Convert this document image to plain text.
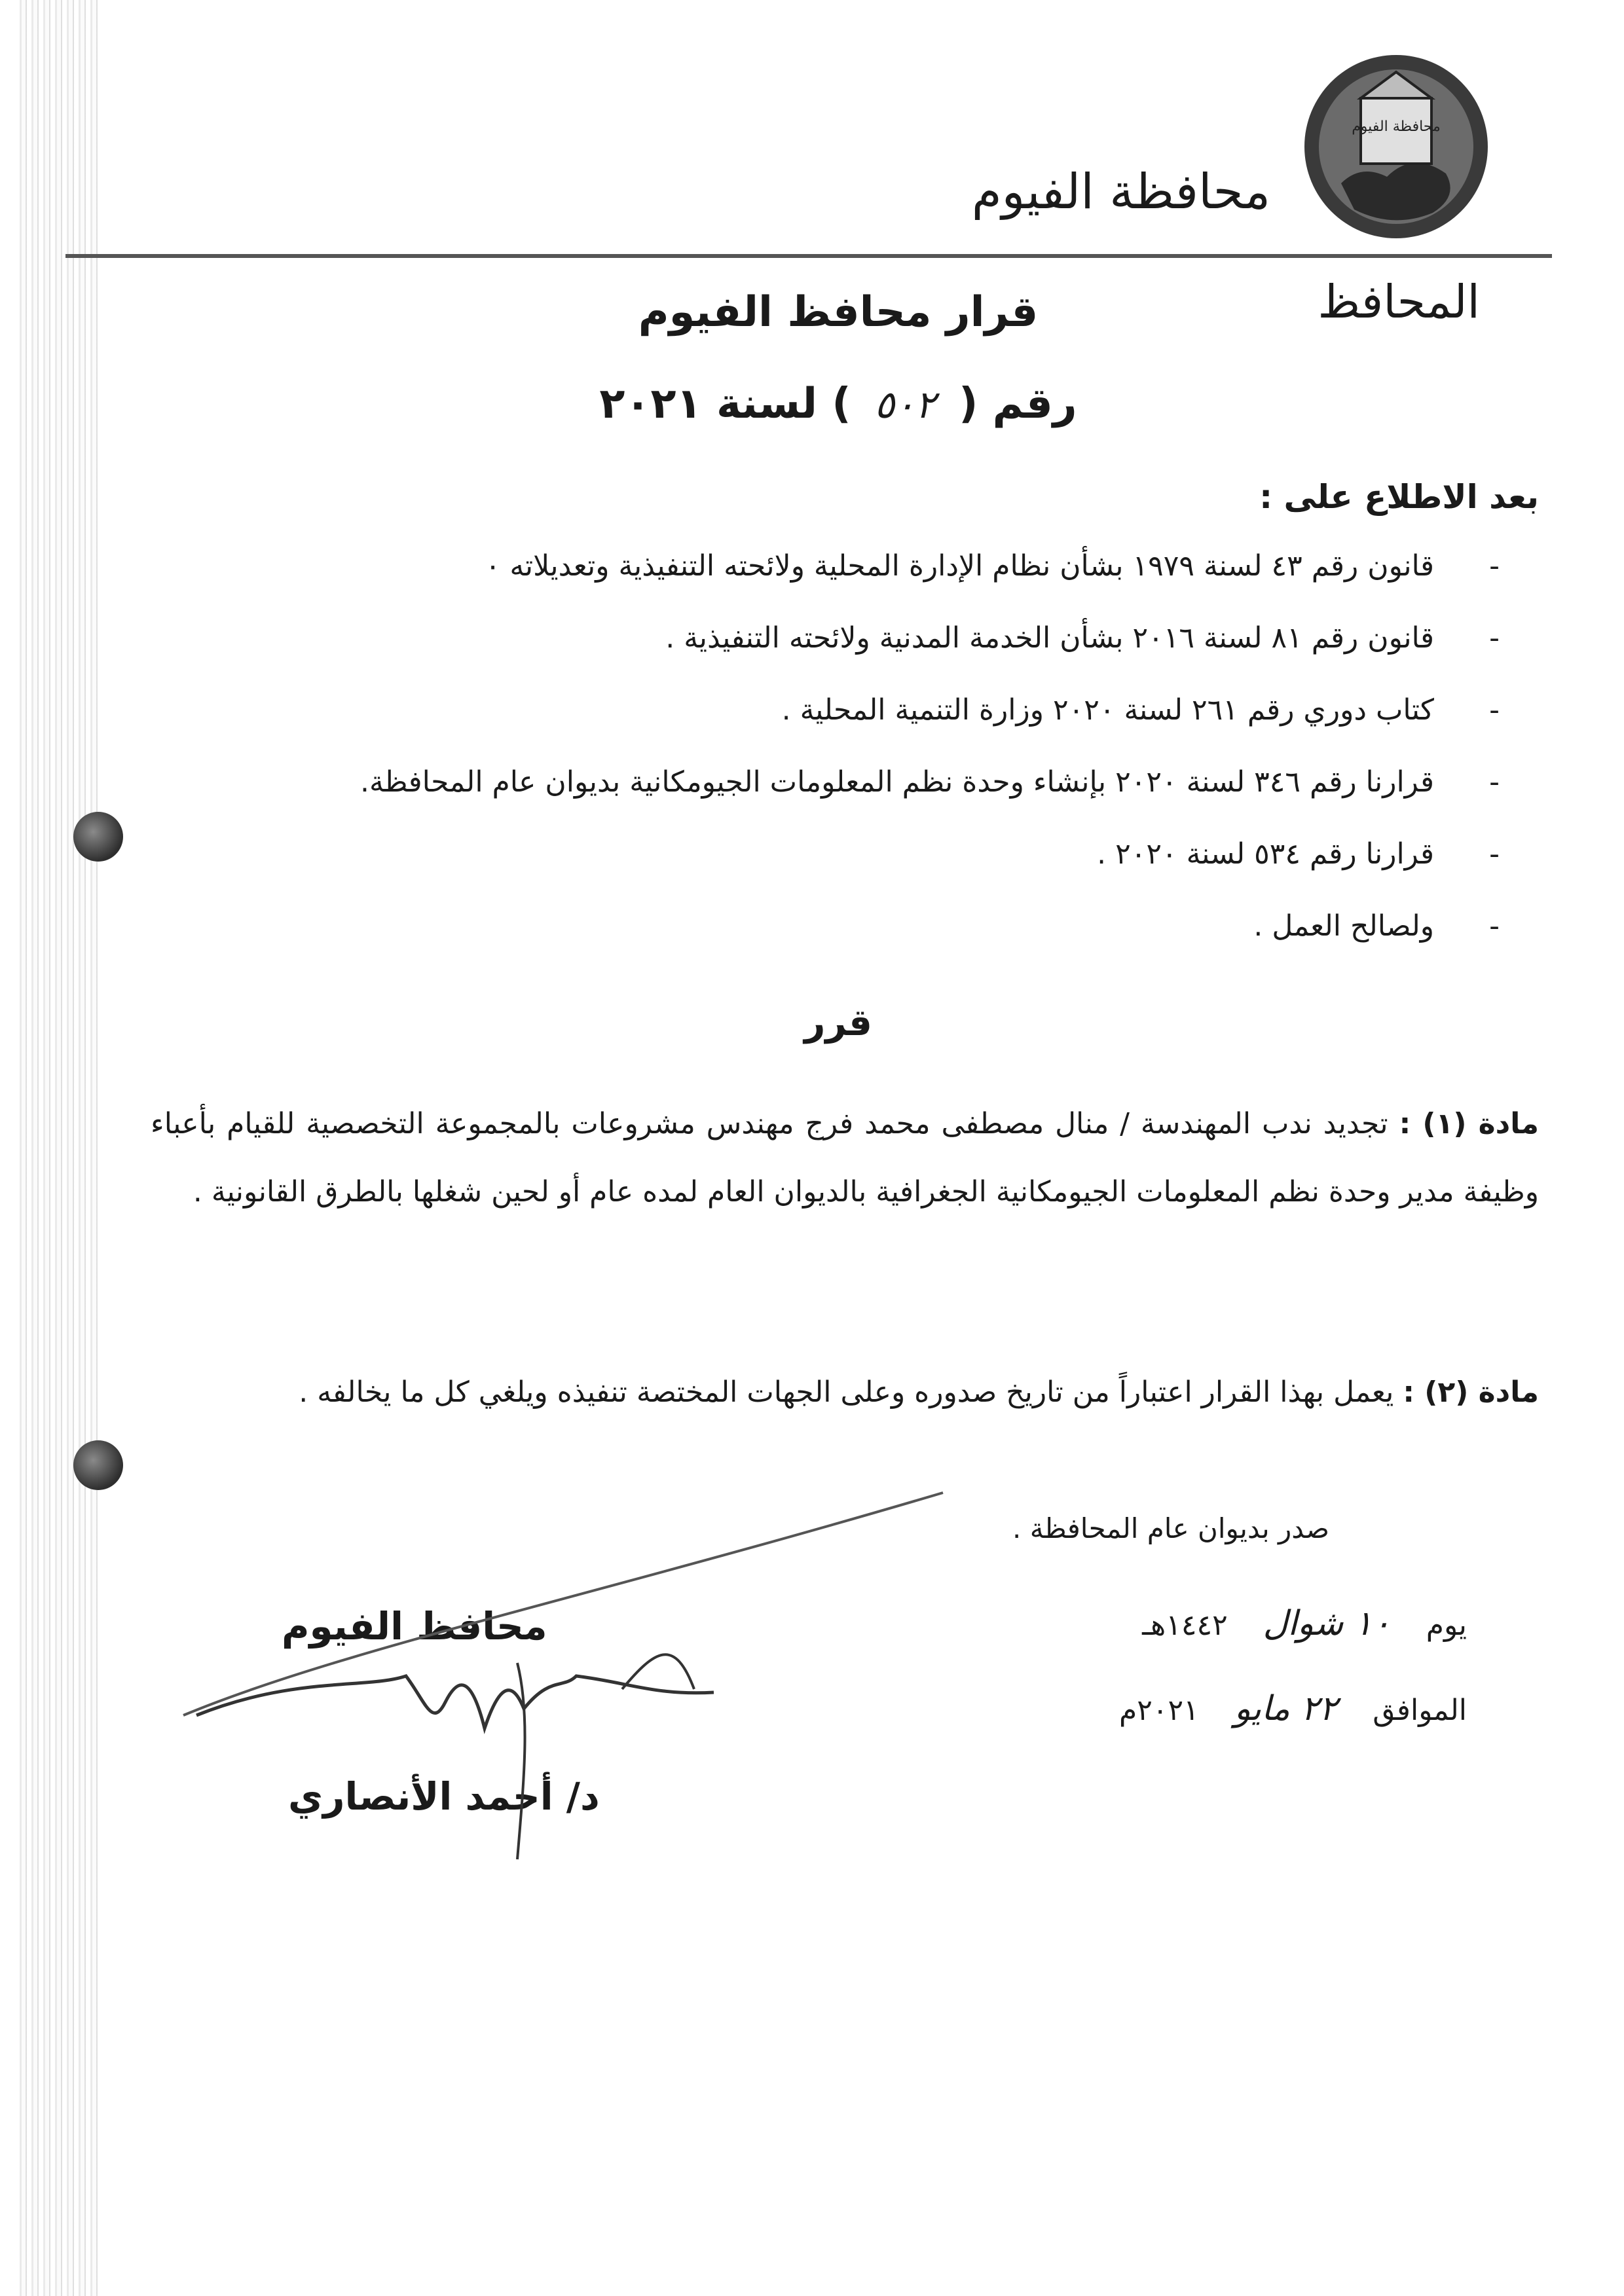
محافظة الفيوم
محافظة الفيوم
المحافظ
قرار محافظ الفيوم
رقم ( ٥٠٢ ) لسنة ٢٠٢١
بعد الاطلاع على :
- قانون رقم ٤٣ لسنة ١٩٧٩ بشأن نظام الإدارة المحلية ولائحته التنفيذية وتعديلاته ٠
- قانون رقم ٨١ لسنة ٢٠١٦ بشأن الخدمة المدنية ولائحته التنفيذية .
- كتاب دوري رقم ٢٦١ لسنة ٢٠٢٠ وزارة التنمية المحلية .
- قرارنا رقم ٣٤٦ لسنة ٢٠٢٠ بإنشاء وحدة نظم المعلومات الجيومكانية بديوان عام المحافظة.
- قرارنا رقم ٥٣٤ لسنة ٢٠٢٠ .
- ولصالح العمل .
قرر
مادة (١) : تجديد ندب المهندسة / منال مصطفى محمد فرج مهندس مشروعات بالمجموعة التخصصية للقيام بأعباء وظيفة مدير وحدة نظم المعلومات الجيومكانية الجغرافية بالديوان العام لمده عام أو لحين شغلها بالطرق القانونية .
مادة (٢) : يعمل بهذا القرار اعتباراً من تاريخ صدوره وعلى الجهات المختصة تنفيذه ويلغي كل ما يخالفه .
صدر بديوان عام المحافظة .
يوم ١٠ شوال ١٤٤٢هـ
الموافق ٢٢ مايو ٢٠٢١م
محافظ الفيوم
د/ أحمد الأنصاري
